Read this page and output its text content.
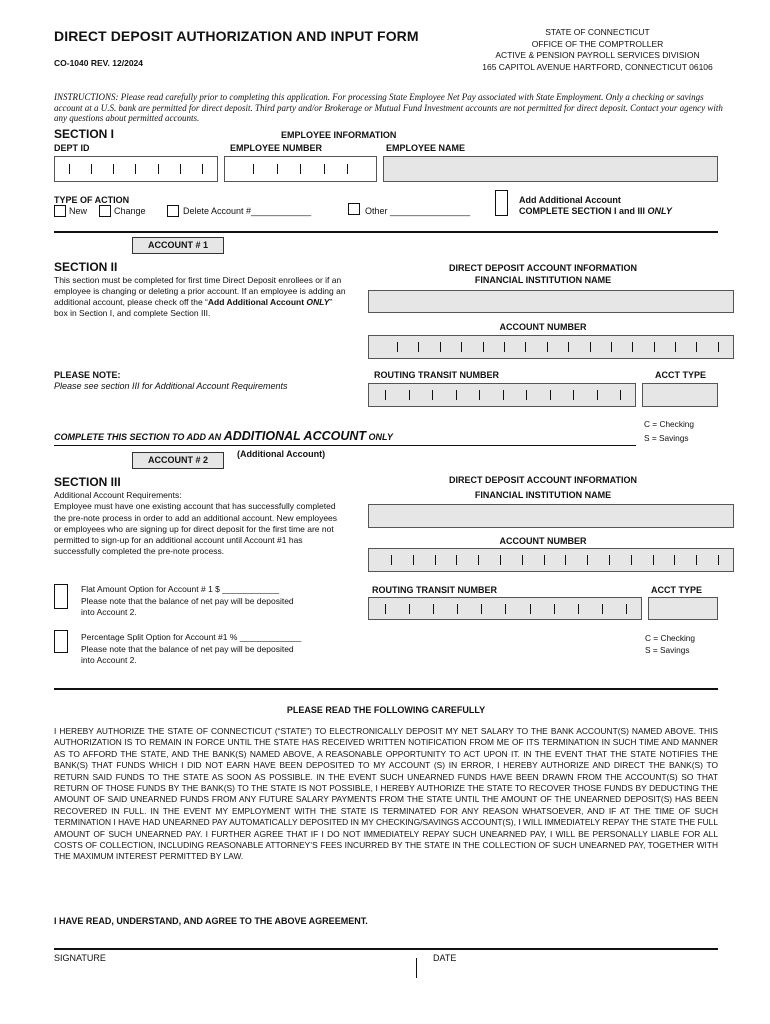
DIRECT DEPOSIT AUTHORIZATION AND INPUT FORM
CO-1040 REV. 12/2024
STATE OF CONNECTICUT
OFFICE OF THE COMPTROLLER
ACTIVE & PENSION PAYROLL SERVICES DIVISION
165 CAPITOL AVENUE HARTFORD, CONNECTICUT 06106
INSTRUCTIONS: Please read carefully prior to completing this application. For processing State Employee Net Pay associated with State Employment. Only a checking or savings account at a U.S. bank are permitted for direct deposit. Third party and/or Brokerage or Mutual Fund Investment accounts are not permitted for direct deposit. Contact your agency with any questions about permitted accounts.
SECTION I	EMPLOYEE INFORMATION
DEPT ID	EMPLOYEE NUMBER	EMPLOYEE NAME
TYPE OF ACTION
New	Change	Delete Account #____________	Other ________________
Add Additional Account
COMPLETE SECTION I and III ONLY
ACCOUNT # 1
SECTION II
This section must be completed for first time Direct Deposit enrollees or if an employee is changing or deleting a prior account. If an employee is adding an additional account, please check off the “Add Additional Account ONLY” box in Section I, and complete Section III.
DIRECT DEPOSIT ACCOUNT INFORMATION
FINANCIAL INSTITUTION NAME
ACCOUNT NUMBER
PLEASE NOTE:
Please see section III for Additional Account Requirements
ROUTING TRANSIT NUMBER	ACCT TYPE
C = Checking
S = Savings
COMPLETE THIS SECTION TO ADD AN ADDITIONAL ACCOUNT ONLY
ACCOUNT # 2
(Additional Account)
SECTION III
Additional Account Requirements:
Employee must have one existing account that has successfully completed the pre-note process in order to add an additional account. New employees or employees who are signing up for direct deposit for the first time are not permitted to sign-up for an additional account until Account #1 has successfully completed the pre-note process.
DIRECT DEPOSIT ACCOUNT INFORMATION
FINANCIAL INSTITUTION NAME
ACCOUNT NUMBER
Flat Amount Option for Account # 1 $ ____________
Please note that the balance of net pay will be deposited
into Account 2.
Percentage Split Option for Account #1 % _____________
Please note that the balance of net pay will be deposited
into Account 2.
ROUTING TRANSIT NUMBER	ACCT TYPE
C = Checking
S = Savings
PLEASE READ THE FOLLOWING CAREFULLY
I HEREBY AUTHORIZE THE STATE OF CONNECTICUT (“STATE”) TO ELECTRONICALLY DEPOSIT MY NET SALARY TO THE BANK ACCOUNT(S) NAMED ABOVE. THIS AUTHORIZATION IS TO REMAIN IN FORCE UNTIL THE STATE HAS RECEIVED WRITTEN NOTIFICATION FROM ME OF ITS TERMINATION IN SUCH TIME AND MANNER AS TO AFFORD THE STATE, AND THE BANK(S) NAMED ABOVE, A REASONABLE OPPORTUNITY TO ACT UPON IT. IN THE EVENT THAT THE STATE NOTIFIES THE BANK(S) THAT FUNDS WHICH I DID NOT EARN HAVE BEEN DEPOSITED TO MY ACCOUNT (S) IN ERROR, I HEREBY AUTHORIZE AND DIRECT THE BANK(S) TO RETURN SAID FUNDS TO THE STATE AS SOON AS POSSIBLE. IN THE EVENT SUCH UNEARNED FUNDS HAVE BEEN DRAWN FROM THE ACCOUNT(S) SO THAT RETURN OF THOSE FUNDS BY THE BANK(S) TO THE STATE IS NOT POSSIBLE, I HEREBY AUTHORIZE THE STATE TO RECOVER THOSE FUNDS BY DEDUCTING THE AMOUNT OF SAID UNEARNED FUNDS FROM ANY FUTURE SALARY PAYMENTS FROM THE STATE UNTIL THE AMOUNT OF THE UNEARNED DEPOSIT(S) HAS BEEN RECOVERED IN FULL. IN THE EVENT MY EMPLOYMENT WITH THE STATE IS TERMINATED FOR ANY REASON WHATSOEVER, AND IF AT THE TIME OF SUCH TERMINATION I HAVE HAD UNEARNED PAY AUTOMATICALLY DEPOSITED IN MY CHECKING/SAVINGS ACCOUNT(S), I WILL IMMEDIATELY REPAY THE STATE THE FULL AMOUNT OF SUCH UNEARNED PAY. I FURTHER AGREE THAT IF I DO NOT IMMEDIATELY REPAY SUCH UNEARNED PAY, I WILL BE PERSONALLY LIABLE FOR ALL COSTS OF COLLECTION, INCLUDING REASONABLE ATTORNEY’S FEES INCURRED BY THE STATE IN THE COLLECTION OF SUCH UNEARNED PAY, TOGETHER WITH THE MAXIMUM INTEREST PERMITTED BY LAW.
I HAVE READ, UNDERSTAND, AND AGREE TO THE ABOVE AGREEMENT.
SIGNATURE	DATE
